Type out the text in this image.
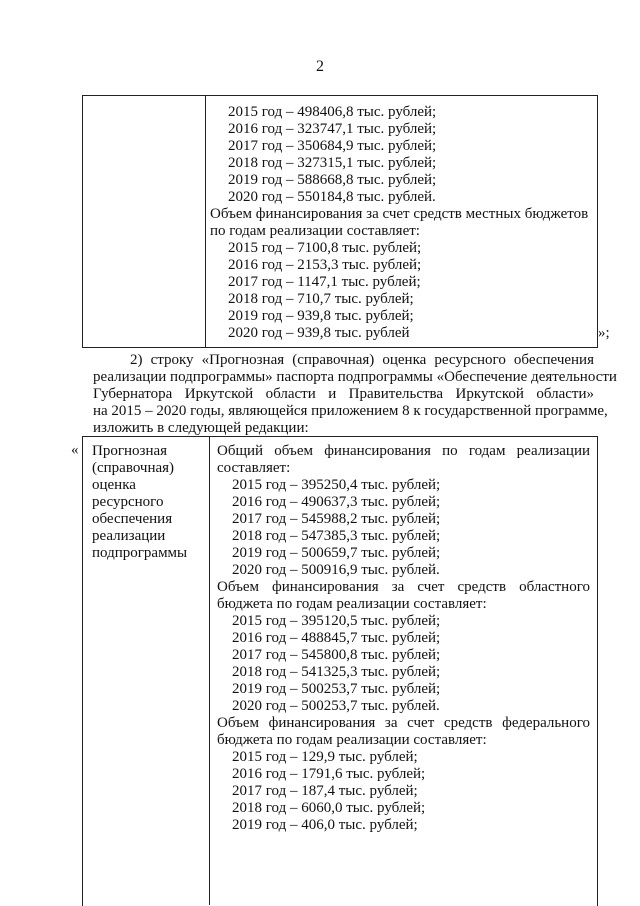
2
2015 год – 498406,8 тыс. рублей;
2016 год – 323747,1 тыс. рублей;
2017 год – 350684,9 тыс. рублей;
2018 год – 327315,1 тыс. рублей;
2019 год – 588668,8 тыс. рублей;
2020 год – 550184,8 тыс. рублей.
Объем финансирования за счет средств местных бюджетов
по годам реализации составляет:
2015 год – 7100,8 тыс. рублей;
2016 год – 2153,3 тыс. рублей;
2017 год – 1147,1 тыс. рублей;
2018 год – 710,7 тыс. рублей;
2019 год – 939,8 тыс. рублей;
2020 год – 939,8 тыс. рублей	»;
2) строку «Прогнозная (справочная) оценка ресурсного обеспечения
реализации подпрограммы» паспорта подпрограммы «Обеспечение деятельности
Губернатора Иркутской области и Правительства Иркутской области»
на 2015 – 2020 годы, являющейся приложением 8 к государственной программе,
изложить в следующей редакции:
« Прогнозная
(справочная)
оценка
ресурсного
обеспечения
реализации
подпрограммы
Общий объем финансирования по годам реализации
составляет:
2015 год – 395250,4 тыс. рублей;
2016 год – 490637,3 тыс. рублей;
2017 год – 545988,2 тыс. рублей;
2018 год – 547385,3 тыс. рублей;
2019 год – 500659,7 тыс. рублей;
2020 год – 500916,9 тыс. рублей.
Объем финансирования за счет средств областного
бюджета по годам реализации составляет:
2015 год – 395120,5 тыс. рублей;
2016 год – 488845,7 тыс. рублей;
2017 год – 545800,8 тыс. рублей;
2018 год – 541325,3 тыс. рублей;
2019 год – 500253,7 тыс. рублей;
2020 год – 500253,7 тыс. рублей.
Объем финансирования за счет средств федерального
бюджета по годам реализации составляет:
2015 год – 129,9 тыс. рублей;
2016 год – 1791,6 тыс. рублей;
2017 год – 187,4 тыс. рублей;
2018 год – 6060,0 тыс. рублей;
2019 год – 406,0 тыс. рублей;
